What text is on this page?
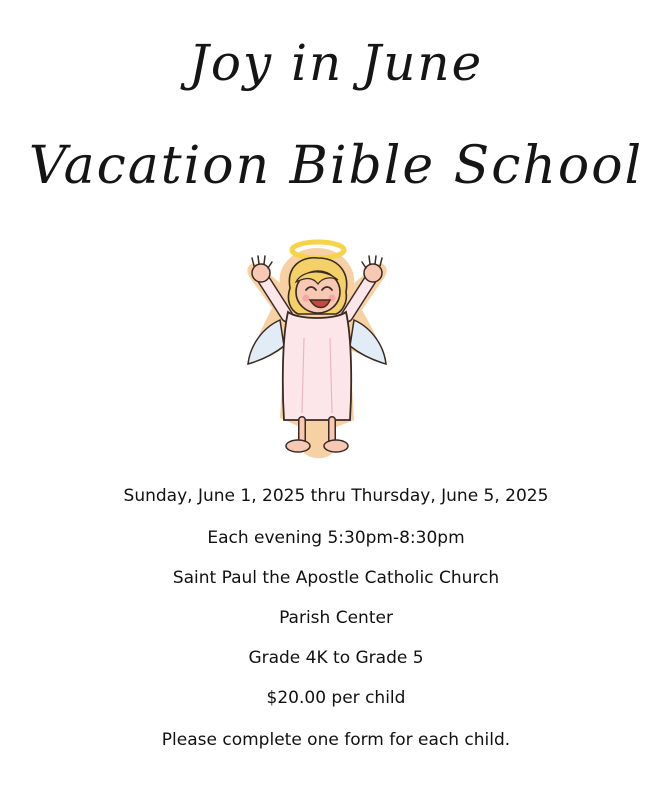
Joy in June
Vacation Bible School

Sunday, June 1, 2025 thru Thursday, June 5, 2025

Each evening 5:30pm-8:30pm

Saint Paul the Apostle Catholic Church

Parish Center

Grade 4K to Grade 5

$20.00 per child

Please complete one form for each child.
